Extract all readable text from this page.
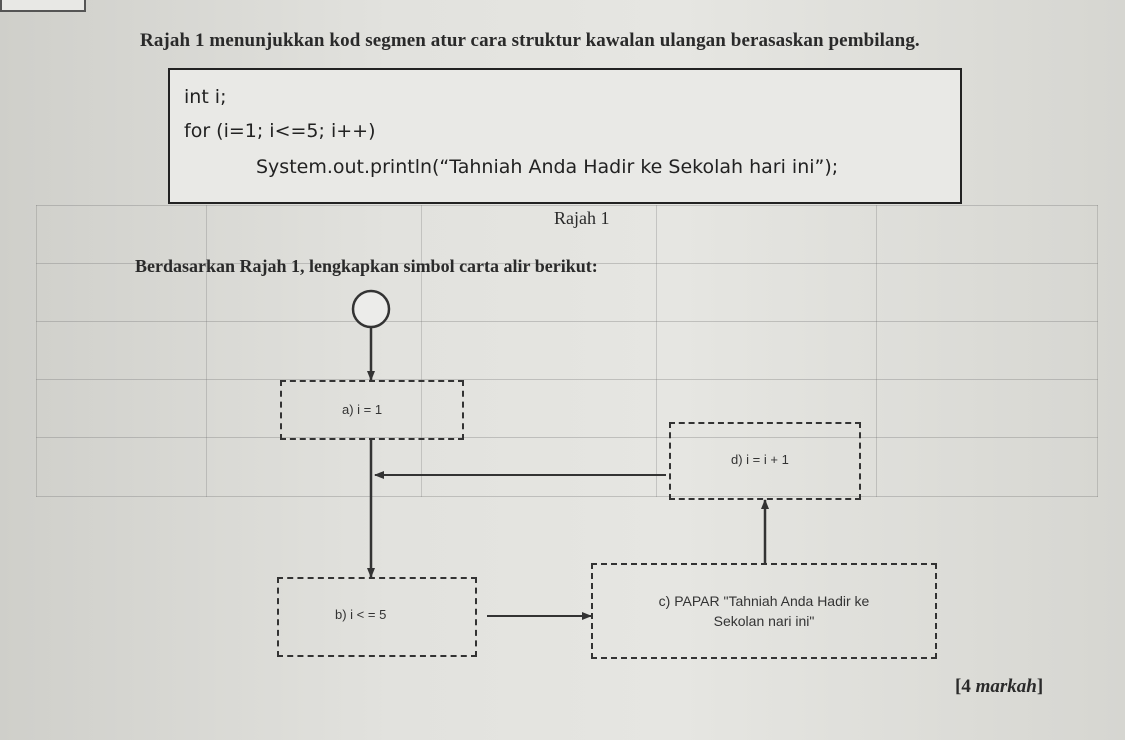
Rajah 1 menunjukkan kod segmen atur cara struktur kawalan ulangan berasaskan pembilang.
int i;
for (i=1; i<=5; i++)
System.out.println(“Tahniah Anda Hadir ke Sekolah hari ini”);
Rajah 1
Berdasarkan Rajah 1, lengkapkan simbol carta alir berikut:
a) i = 1
d) i = i + 1
b) i < = 5
c) PAPAR "Tahniah Anda Hadir ke
Sekolan nari ini"
[4 markah]
